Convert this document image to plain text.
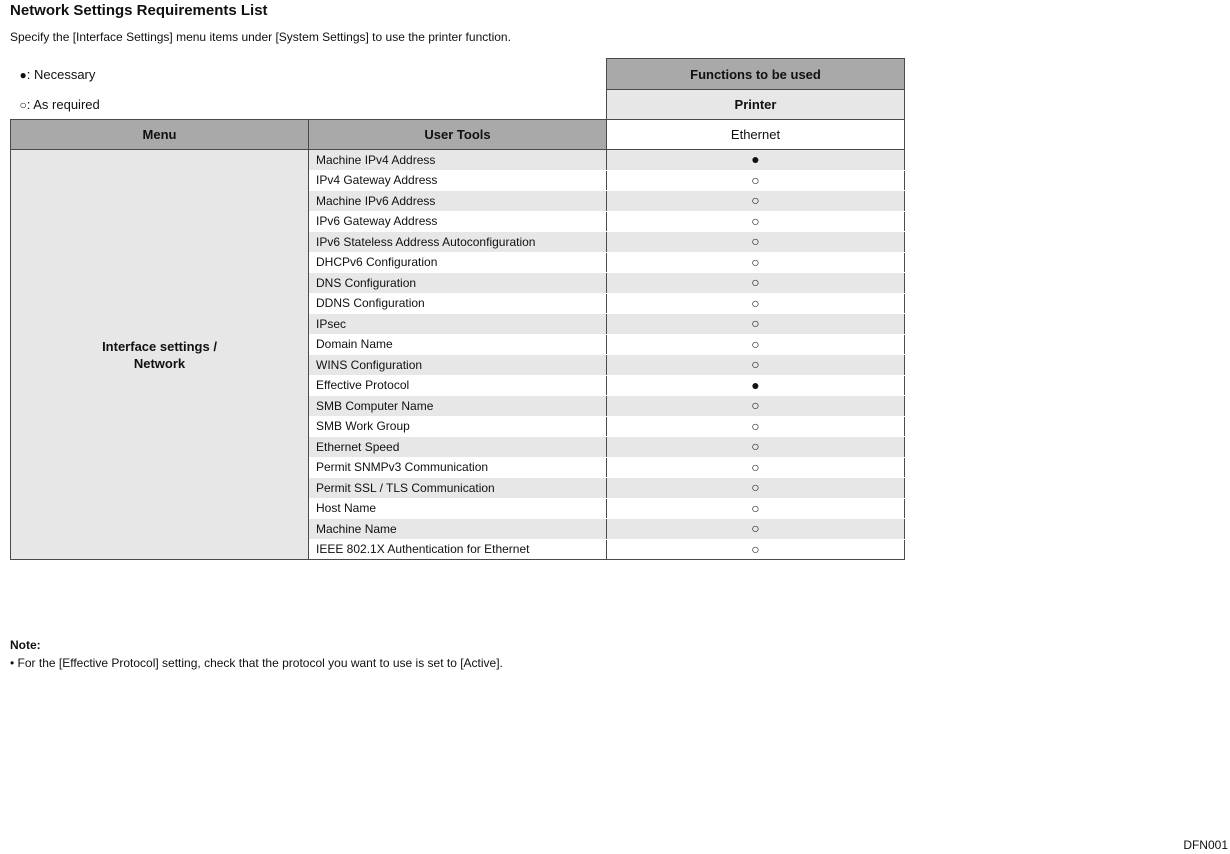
Network Settings Requirements List
Specify the [Interface Settings] menu items under [System Settings] to use the printer function.
●: Necessary		Functions to be used
○: As required		Printer
Menu	User Tools	Ethernet

Interface settings /
Network	Machine IPv4 Address	●
	IPv4 Gateway Address	○
	Machine IPv6 Address	○
	IPv6 Gateway Address	○
	IPv6 Stateless Address Autoconfiguration	○
	DHCPv6 Configuration	○
	DNS Configuration	○
	DDNS Configuration	○
	IPsec	○
	Domain Name	○
	WINS Configuration	○
	Effective Protocol	●
	SMB Computer Name	○
	SMB Work Group	○
	Ethernet Speed	○
	Permit SNMPv3 Communication	○
	Permit SSL / TLS Communication	○
	Host Name	○
	Machine Name	○
	IEEE 802.1X Authentication for Ethernet	○
Note:
• For the [Effective Protocol] setting, check that the protocol you want to use is set to [Active].
DFN001
